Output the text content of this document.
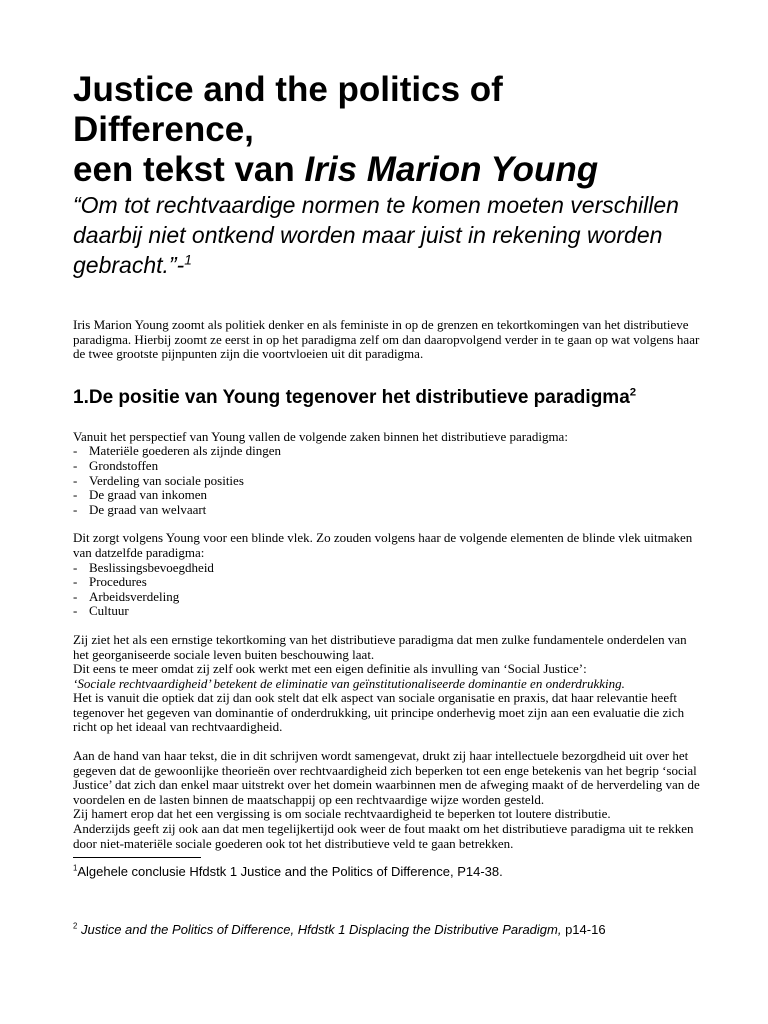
Justice and the politics of
Difference,
een tekst van Iris Marion Young

“Om tot rechtvaardige normen te komen moeten verschillen daarbij niet ontkend worden maar juist in rekening worden gebracht.”-$^1$

Iris Marion Young zoomt als politiek denker en als feministe in op de grenzen en tekortkomingen van het distributieve paradigma. Hierbij zoomt ze eerst in op het paradigma zelf om dan daaropvolgend verder in te gaan op wat volgens haar de twee grootste pijnpunten zijn die voortvloeien uit dit paradigma.
1.De positie van Young tegenover het distributieve paradigma$^2$
Vanuit het perspectief van Young vallen de volgende zaken binnen het distributieve paradigma:
- Materiële goederen als zijnde dingen
- Grondstoffen
- Verdeling van sociale posities
- De graad van inkomen
- De graad van welvaart
Dit zorgt volgens Young voor een blinde vlek. Zo zouden volgens haar de volgende elementen de blinde vlek uitmaken van datzelfde paradigma:
- Beslissingsbevoegdheid
- Procedures
- Arbeidsverdeling
- Cultuur
Zij ziet het als een ernstige tekortkoming van het distributieve paradigma dat men zulke fundamentele onderdelen van het georganiseerde sociale leven buiten beschouwing laat.
Dit eens te meer omdat zij zelf ook werkt met een eigen definitie als invulling van ‘Social Justice’:
‘Sociale rechtvaardigheid’ betekent de eliminatie van geïnstitutionaliseerde dominantie en onderdrukking.
Het is vanuit die optiek dat zij dan ook stelt dat elk aspect van sociale organisatie en praxis, dat haar relevantie heeft tegenover het gegeven van dominantie of onderdrukking, uit principe onderhevig moet zijn aan een evaluatie die zich richt op het ideaal van rechtvaardigheid.
Aan de hand van haar tekst, die in dit schrijven wordt samengevat, drukt zij haar intellectuele bezorgdheid uit over het gegeven dat de gewoonlijke theorieën over rechtvaardigheid zich beperken tot een enge betekenis van het begrip ‘social Justice’ dat zich dan enkel maar uitstrekt over het domein waarbinnen men de afweging maakt of de herverdeling van de voordelen en de lasten binnen de maatschappij op een rechtvaardige wijze worden gesteld.
Zij hamert erop dat het een vergissing is om sociale rechtvaardigheid te beperken tot loutere distributie.
Anderzijds geeft zij ook aan dat men tegelijkertijd ook weer de fout maakt om het distributieve paradigma uit te rekken door niet-materiële sociale goederen ook tot het distributieve veld te gaan betrekken.
$^1$Algehele conclusie Hfdstk 1 Justice and the Politics of Difference, P14-38.
$^2$ Justice and the Politics of Difference, Hfdstk 1 Displacing the Distributive Paradigm, p14-16
